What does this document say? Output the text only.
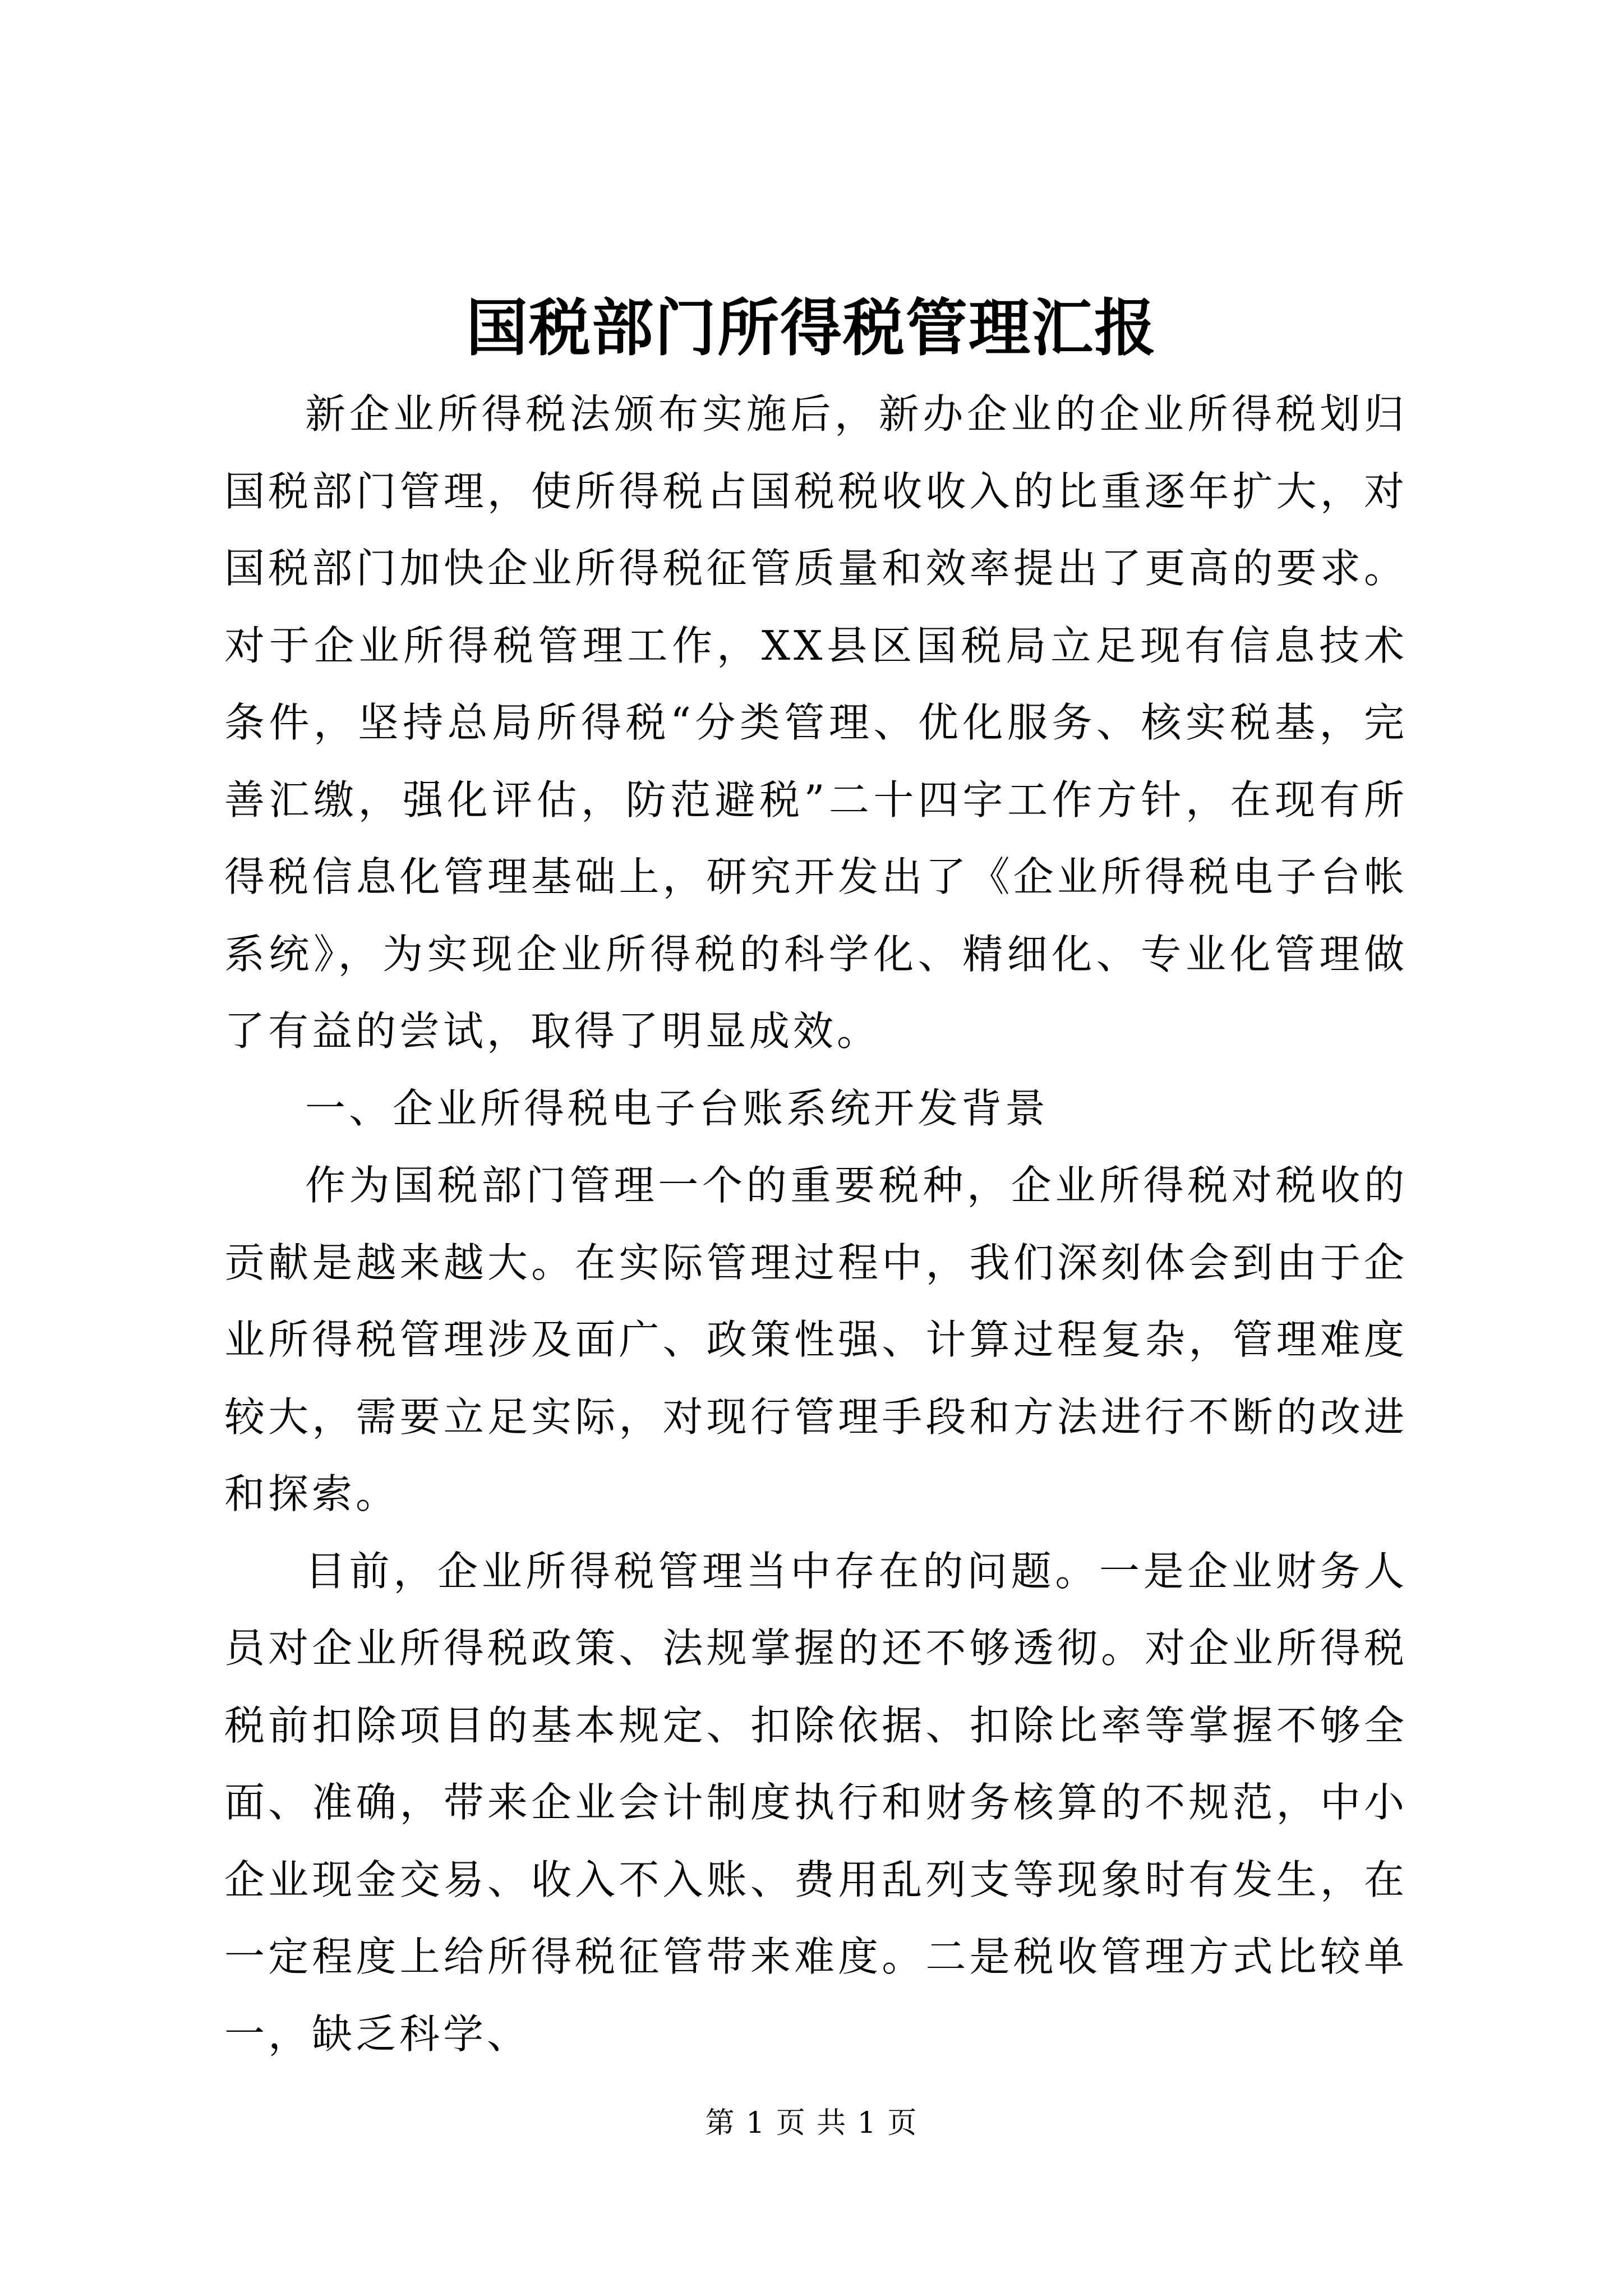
国税部门所得税管理汇报

新企业所得税法颁布实施后，新办企业的企业所得税划归国税部门管理，使所得税占国税税收收入的比重逐年扩大，对国税部门加快企业所得税征管质量和效率提出了更高的要求。对于企业所得税管理工作，XX县区国税局立足现有信息技术条件，坚持总局所得税“分类管理、优化服务、核实税基，完善汇缴，强化评估，防范避税”二十四字工作方针，在现有所得税信息化管理基础上，研究开发出了《企业所得税电子台帐系统》，为实现企业所得税的科学化、精细化、专业化管理做了有益的尝试，取得了明显成效。

一、企业所得税电子台账系统开发背景

作为国税部门管理一个的重要税种，企业所得税对税收的贡献是越来越大。在实际管理过程中，我们深刻体会到由于企业所得税管理涉及面广、政策性强、计算过程复杂，管理难度较大，需要立足实际，对现行管理手段和方法进行不断的改进和探索。

目前，企业所得税管理当中存在的问题。一是企业财务人员对企业所得税政策、法规掌握的还不够透彻。对企业所得税税前扣除项目的基本规定、扣除依据、扣除比率等掌握不够全面、准确，带来企业会计制度执行和财务核算的不规范，中小企业现金交易、收入不入账、费用乱列支等现象时有发生，在一定程度上给所得税征管带来难度。二是税收管理方式比较单一，缺乏科学、

第 1 页 共 1 页
